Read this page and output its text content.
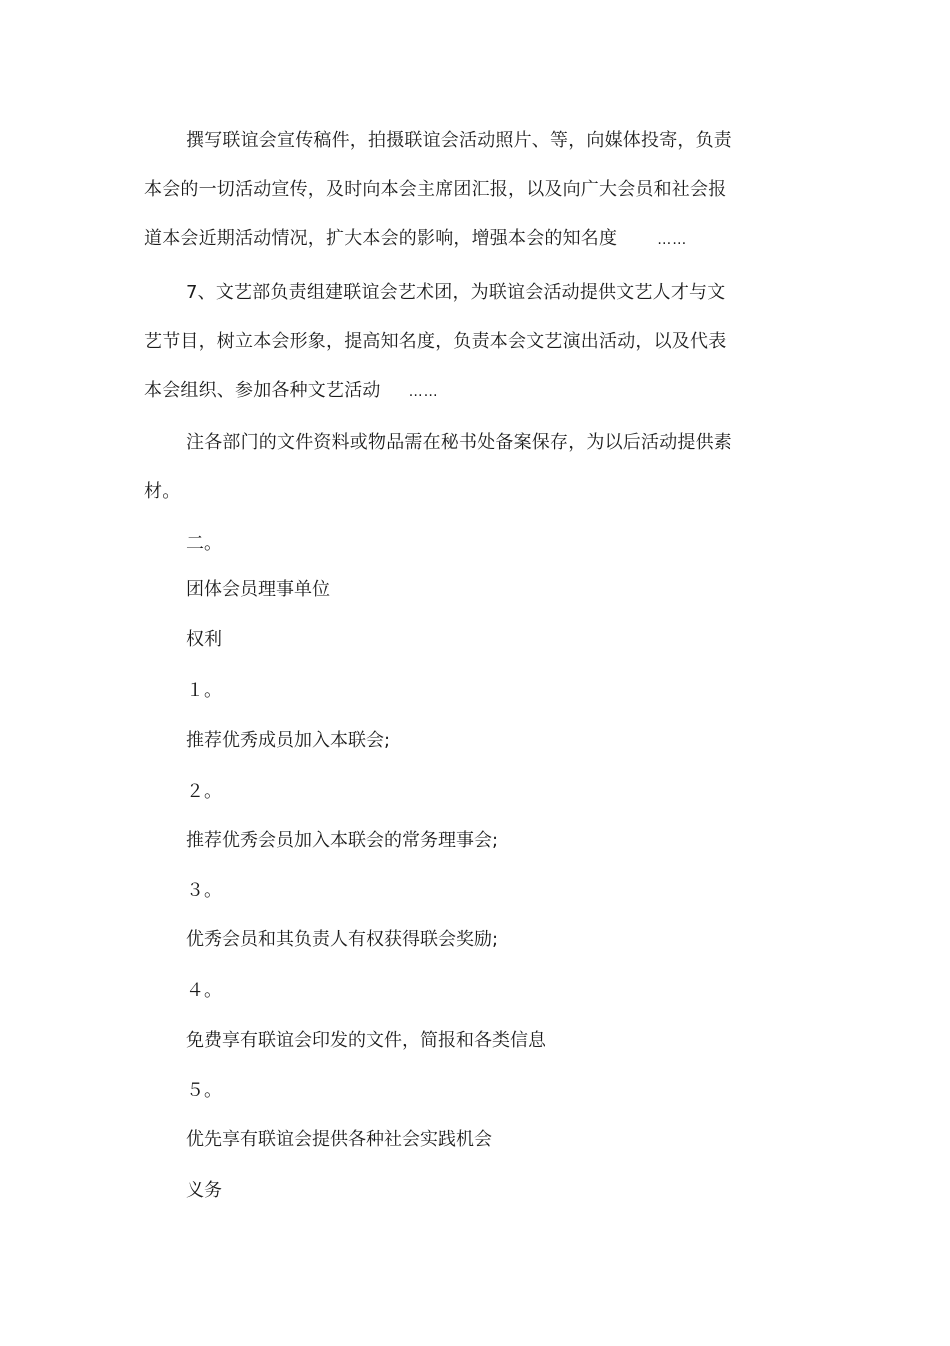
撰写联谊会宣传稿件，拍摄联谊会活动照片、等，向媒体投寄，负责
本会的一切活动宣传，及时向本会主席团汇报，以及向广大会员和社会报
道本会近期活动情况，扩大本会的影响，增强本会的知名度	……
7、文艺部负责组建联谊会艺术团，为联谊会活动提供文艺人才与文
艺节目，树立本会形象，提高知名度，负责本会文艺演出活动，以及代表
本会组织、参加各种文艺活动 ……
注各部门的文件资料或物品需在秘书处备案保存，为以后活动提供素
材。
二。
团体会员理事单位
权利
１。
推荐优秀成员加入本联会;
２。
推荐优秀会员加入本联会的常务理事会;
３。
优秀会员和其负责人有权获得联会奖励;
４。
免费享有联谊会印发的文件，简报和各类信息
５。
优先享有联谊会提供各种社会实践机会
义务
